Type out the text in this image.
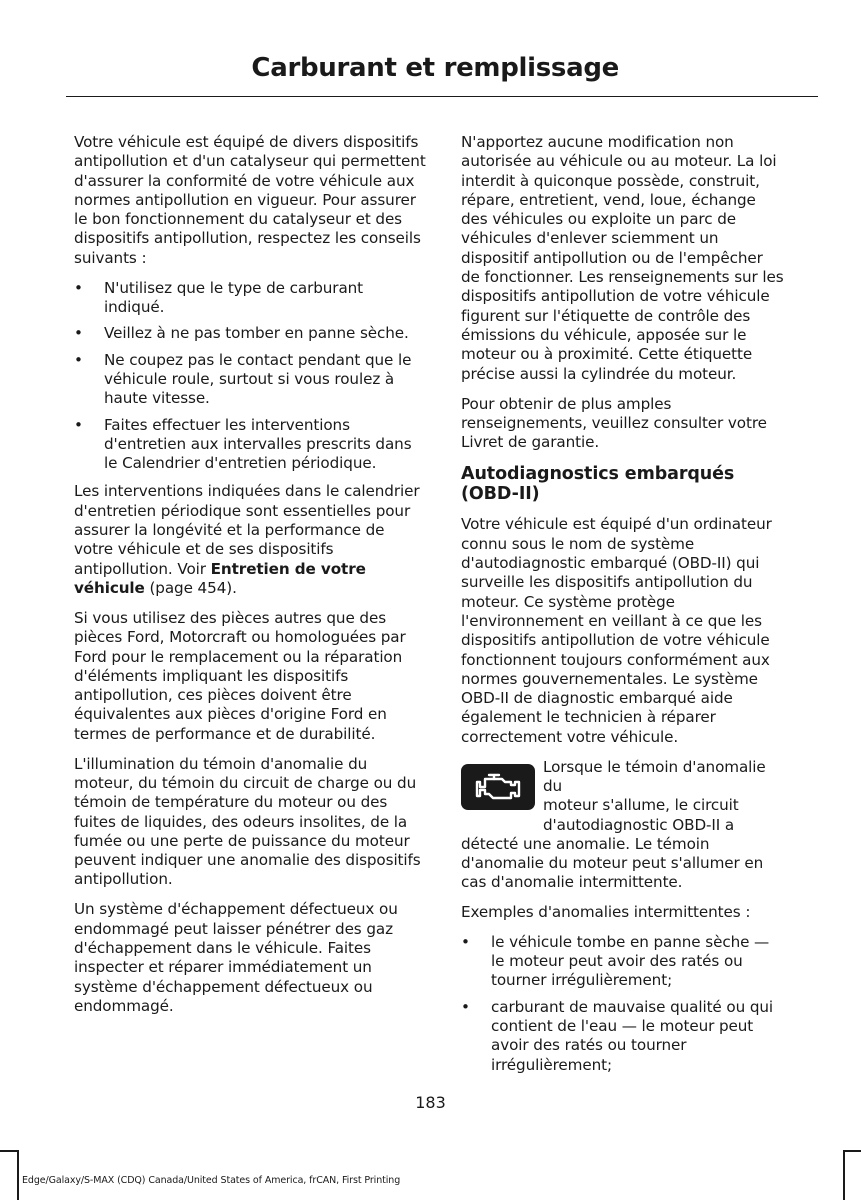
Carburant et remplissage

Votre véhicule est équipé de divers dispositifs antipollution et d'un catalyseur qui permettent d'assurer la conformité de votre véhicule aux normes antipollution en vigueur. Pour assurer le bon fonctionnement du catalyseur et des dispositifs antipollution, respectez les conseils suivants :

• N'utilisez que le type de carburant indiqué.
• Veillez à ne pas tomber en panne sèche.
• Ne coupez pas le contact pendant que le véhicule roule, surtout si vous roulez à haute vitesse.
• Faites effectuer les interventions d'entretien aux intervalles prescrits dans le Calendrier d'entretien périodique.

Les interventions indiquées dans le calendrier d'entretien périodique sont essentielles pour assurer la longévité et la performance de votre véhicule et de ses dispositifs antipollution. Voir Entretien de votre véhicule (page 454).

Si vous utilisez des pièces autres que des pièces Ford, Motorcraft ou homologuées par Ford pour le remplacement ou la réparation d'éléments impliquant les dispositifs antipollution, ces pièces doivent être équivalentes aux pièces d'origine Ford en termes de performance et de durabilité.

L'illumination du témoin d'anomalie du moteur, du témoin du circuit de charge ou du témoin de température du moteur ou des fuites de liquides, des odeurs insolites, de la fumée ou une perte de puissance du moteur peuvent indiquer une anomalie des dispositifs antipollution.

Un système d'échappement défectueux ou endommagé peut laisser pénétrer des gaz d'échappement dans le véhicule. Faites inspecter et réparer immédiatement un système d'échappement défectueux ou endommagé.

N'apportez aucune modification non autorisée au véhicule ou au moteur. La loi interdit à quiconque possède, construit, répare, entretient, vend, loue, échange des véhicules ou exploite un parc de véhicules d'enlever sciemment un dispositif antipollution ou de l'empêcher de fonctionner. Les renseignements sur les dispositifs antipollution de votre véhicule figurent sur l'étiquette de contrôle des émissions du véhicule, apposée sur le moteur ou à proximité. Cette étiquette précise aussi la cylindrée du moteur.

Pour obtenir de plus amples renseignements, veuillez consulter votre Livret de garantie.

Autodiagnostics embarqués (OBD-II)

Votre véhicule est équipé d'un ordinateur connu sous le nom de système d'autodiagnostic embarqué (OBD-II) qui surveille les dispositifs antipollution du moteur. Ce système protège l'environnement en veillant à ce que les dispositifs antipollution de votre véhicule fonctionnent toujours conformément aux normes gouvernementales. Le système OBD-II de diagnostic embarqué aide également le technicien à réparer correctement votre véhicule.

Lorsque le témoin d'anomalie du
moteur s'allume, le circuit
d'autodiagnostic OBD-II a
détecté une anomalie. Le témoin d'anomalie du moteur peut s'allumer en cas d'anomalie intermittente.

Exemples d'anomalies intermittentes :

• le véhicule tombe en panne sèche — le moteur peut avoir des ratés ou tourner irrégulièrement;
• carburant de mauvaise qualité ou qui contient de l'eau — le moteur peut avoir des ratés ou tourner irrégulièrement;
183
Edge/Galaxy/S-MAX (CDQ) Canada/United States of America, frCAN, First Printing
